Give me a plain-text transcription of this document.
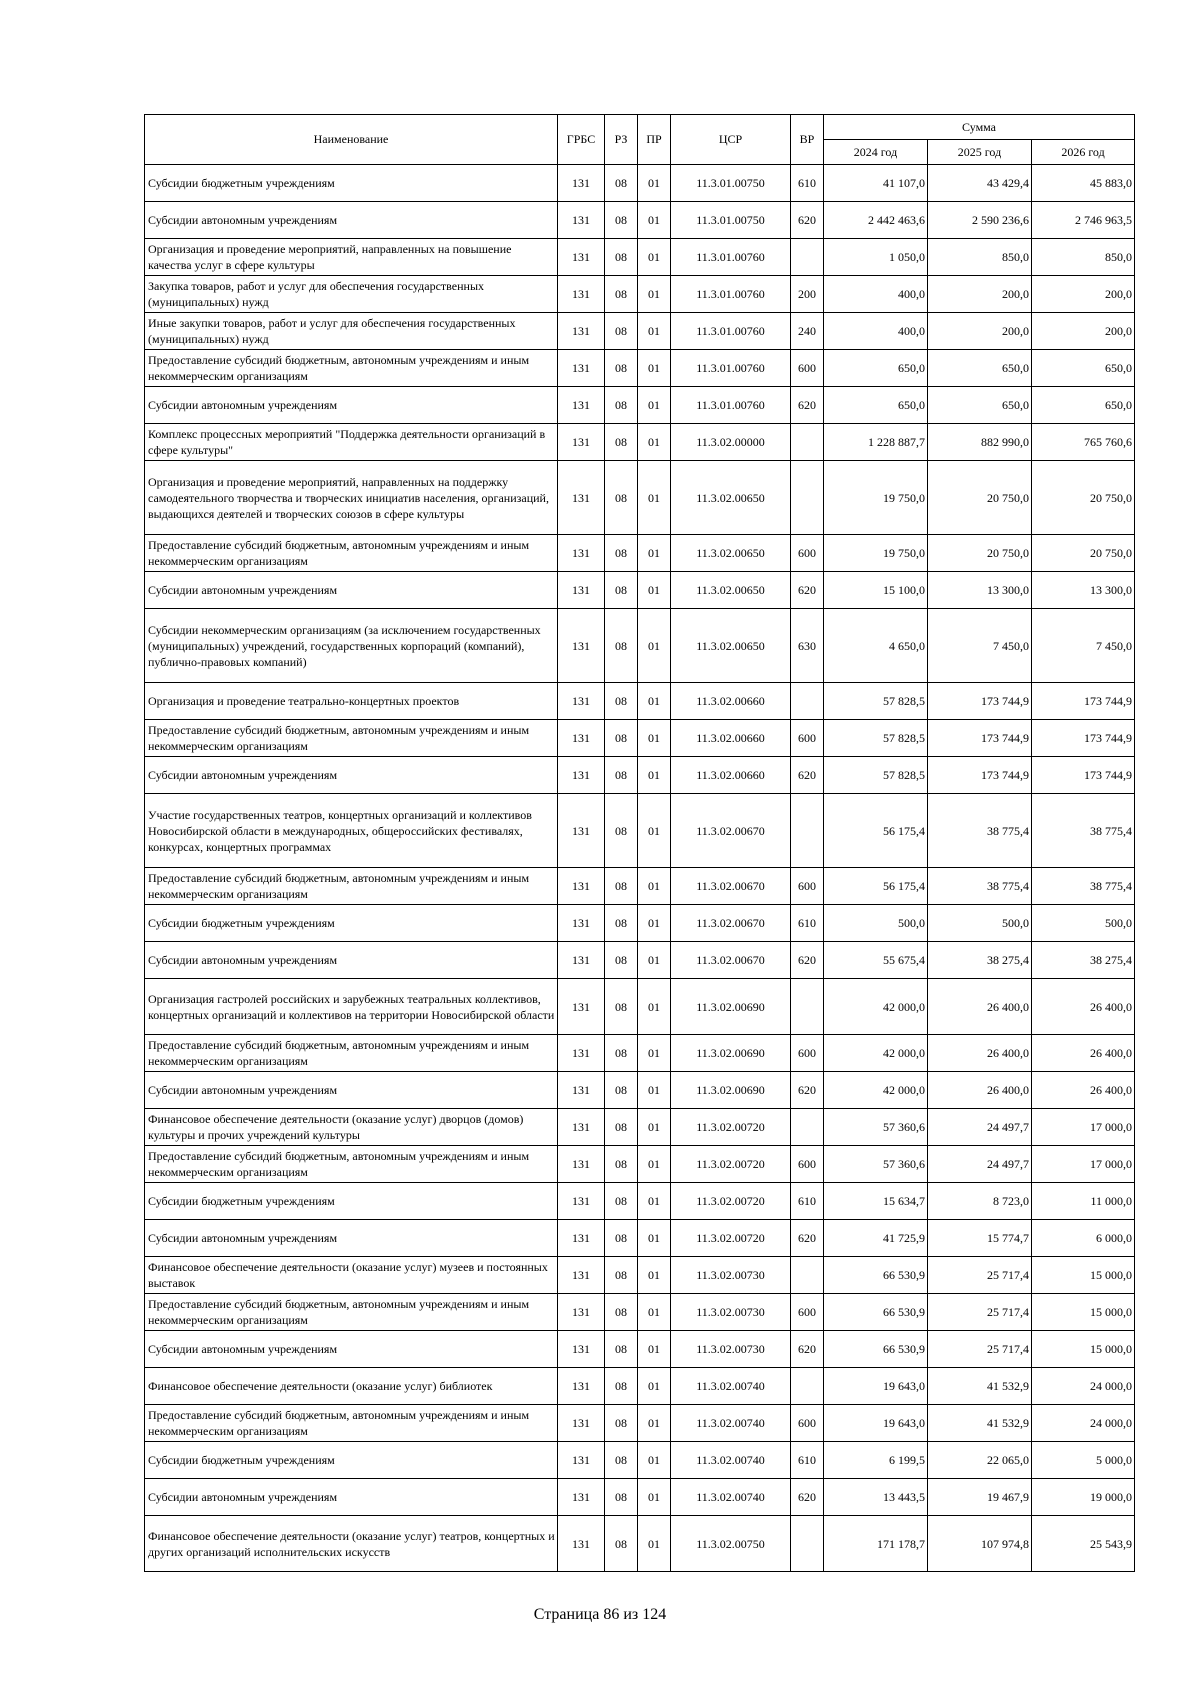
Наименование	ГРБС	РЗ	ПР	ЦСР	ВР	Сумма		
						2024 год	2025 год	2026 год
Субсидии бюджетным учреждениям	131	08	01	11.3.01.00750	610	41 107,0	43 429,4	45 883,0
Субсидии автономным учреждениям	131	08	01	11.3.01.00750	620	2 442 463,6	2 590 236,6	2 746 963,5
Организация и проведение мероприятий, направленных на повышение качества услуг в сфере культуры	131	08	01	11.3.01.00760		1 050,0	850,0	850,0
Закупка товаров, работ и услуг для обеспечения государственных (муниципальных) нужд	131	08	01	11.3.01.00760	200	400,0	200,0	200,0
Иные закупки товаров, работ и услуг для обеспечения государственных (муниципальных) нужд	131	08	01	11.3.01.00760	240	400,0	200,0	200,0
Предоставление субсидий бюджетным, автономным учреждениям и иным некоммерческим организациям	131	08	01	11.3.01.00760	600	650,0	650,0	650,0
Субсидии автономным учреждениям	131	08	01	11.3.01.00760	620	650,0	650,0	650,0
Комплекс процессных мероприятий "Поддержка деятельности организаций в сфере культуры"	131	08	01	11.3.02.00000		1 228 887,7	882 990,0	765 760,6
Организация и проведение мероприятий, направленных на поддержку самодеятельного творчества и творческих инициатив населения, организаций, выдающихся деятелей и творческих союзов в сфере культуры	131	08	01	11.3.02.00650		19 750,0	20 750,0	20 750,0
Предоставление субсидий бюджетным, автономным учреждениям и иным некоммерческим организациям	131	08	01	11.3.02.00650	600	19 750,0	20 750,0	20 750,0
Субсидии автономным учреждениям	131	08	01	11.3.02.00650	620	15 100,0	13 300,0	13 300,0
Субсидии некоммерческим организациям (за исключением государственных (муниципальных) учреждений, государственных корпораций (компаний), публично-правовых компаний)	131	08	01	11.3.02.00650	630	4 650,0	7 450,0	7 450,0
Организация и проведение театрально-концертных проектов	131	08	01	11.3.02.00660		57 828,5	173 744,9	173 744,9
Предоставление субсидий бюджетным, автономным учреждениям и иным некоммерческим организациям	131	08	01	11.3.02.00660	600	57 828,5	173 744,9	173 744,9
Субсидии автономным учреждениям	131	08	01	11.3.02.00660	620	57 828,5	173 744,9	173 744,9
Участие государственных театров, концертных организаций и коллективов Новосибирской области в международных, общероссийских фестивалях, конкурсах, концертных программах	131	08	01	11.3.02.00670		56 175,4	38 775,4	38 775,4
Предоставление субсидий бюджетным, автономным учреждениям и иным некоммерческим организациям	131	08	01	11.3.02.00670	600	56 175,4	38 775,4	38 775,4
Субсидии бюджетным учреждениям	131	08	01	11.3.02.00670	610	500,0	500,0	500,0
Субсидии автономным учреждениям	131	08	01	11.3.02.00670	620	55 675,4	38 275,4	38 275,4
Организация гастролей российских и зарубежных театральных коллективов, концертных организаций и коллективов на территории Новосибирской области	131	08	01	11.3.02.00690		42 000,0	26 400,0	26 400,0
Предоставление субсидий бюджетным, автономным учреждениям и иным некоммерческим организациям	131	08	01	11.3.02.00690	600	42 000,0	26 400,0	26 400,0
Субсидии автономным учреждениям	131	08	01	11.3.02.00690	620	42 000,0	26 400,0	26 400,0
Финансовое обеспечение деятельности (оказание услуг) дворцов (домов) культуры и прочих учреждений культуры	131	08	01	11.3.02.00720		57 360,6	24 497,7	17 000,0
Предоставление субсидий бюджетным, автономным учреждениям и иным некоммерческим организациям	131	08	01	11.3.02.00720	600	57 360,6	24 497,7	17 000,0
Субсидии бюджетным учреждениям	131	08	01	11.3.02.00720	610	15 634,7	8 723,0	11 000,0
Субсидии автономным учреждениям	131	08	01	11.3.02.00720	620	41 725,9	15 774,7	6 000,0
Финансовое обеспечение деятельности (оказание услуг) музеев и постоянных выставок	131	08	01	11.3.02.00730		66 530,9	25 717,4	15 000,0
Предоставление субсидий бюджетным, автономным учреждениям и иным некоммерческим организациям	131	08	01	11.3.02.00730	600	66 530,9	25 717,4	15 000,0
Субсидии автономным учреждениям	131	08	01	11.3.02.00730	620	66 530,9	25 717,4	15 000,0
Финансовое обеспечение деятельности (оказание услуг) библиотек	131	08	01	11.3.02.00740		19 643,0	41 532,9	24 000,0
Предоставление субсидий бюджетным, автономным учреждениям и иным некоммерческим организациям	131	08	01	11.3.02.00740	600	19 643,0	41 532,9	24 000,0
Субсидии бюджетным учреждениям	131	08	01	11.3.02.00740	610	6 199,5	22 065,0	5 000,0
Субсидии автономным учреждениям	131	08	01	11.3.02.00740	620	13 443,5	19 467,9	19 000,0
Финансовое обеспечение деятельности (оказание услуг) театров, концертных и других организаций исполнительских искусств	131	08	01	11.3.02.00750		171 178,7	107 974,8	25 543,9
Страница 86 из 124
